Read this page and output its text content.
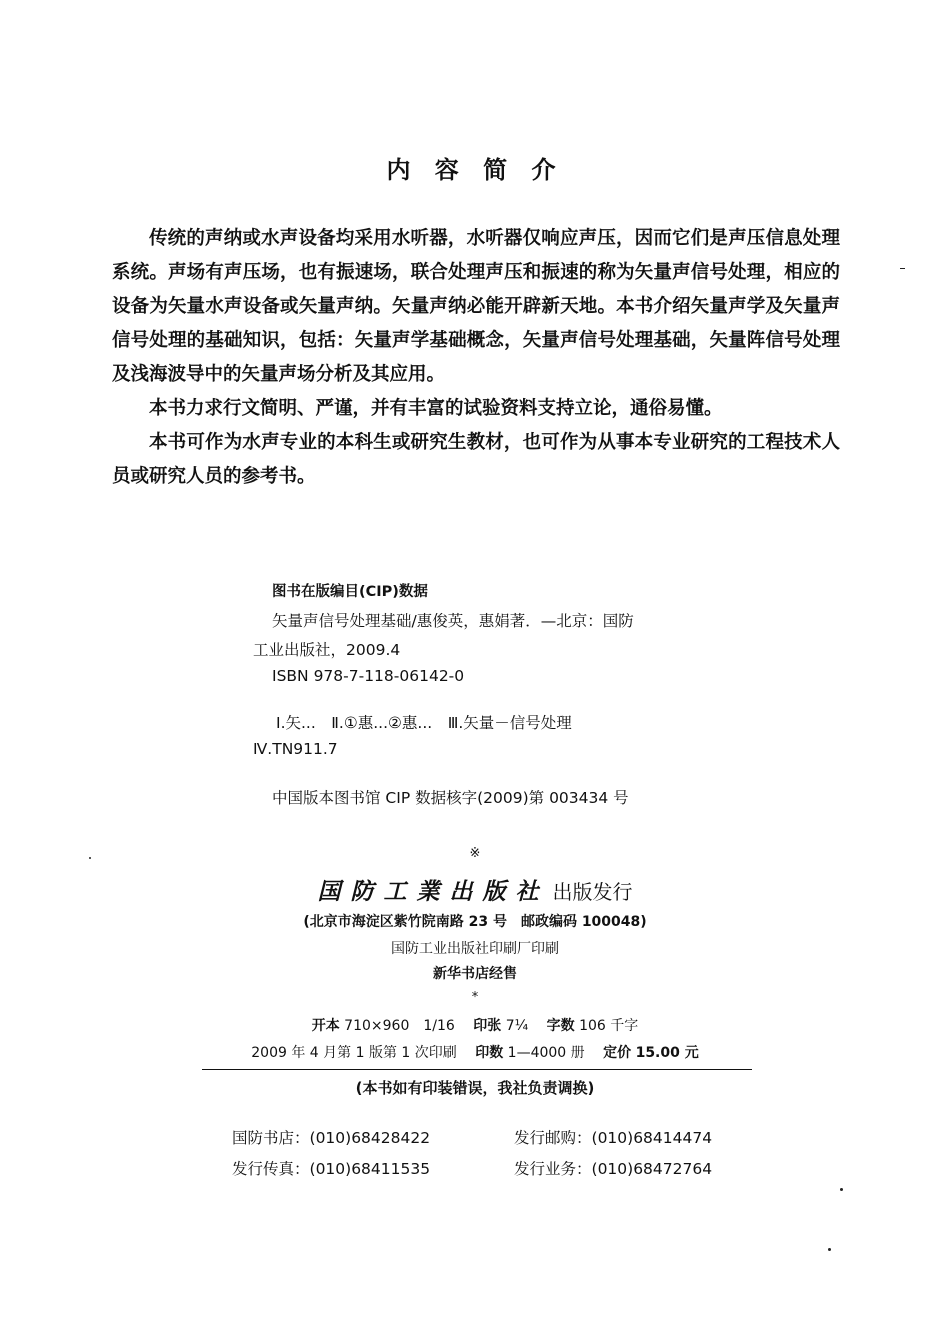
内 容 简 介

传统的声纳或水声设备均采用水听器，水听器仅响应声压，因而它们是声压信息处理系统。声场有声压场，也有振速场，联合处理声压和振速的称为矢量声信号处理，相应的设备为矢量水声设备或矢量声纳。矢量声纳必能开辟新天地。本书介绍矢量声学及矢量声信号处理的基础知识，包括：矢量声学基础概念，矢量声信号处理基础，矢量阵信号处理及浅海波导中的矢量声场分析及其应用。

本书力求行文简明、严谨，并有丰富的试验资料支持立论，通俗易懂。

本书可作为水声专业的本科生或研究生教材，也可作为从事本专业研究的工程技术人员或研究人员的参考书。

图书在版编目(CIP)数据
矢量声信号处理基础/惠俊英，惠娟著．—北京：国防
工业出版社，2009.4
ISBN 978-7-118-06142-0
Ⅰ.矢...　Ⅱ.①惠...②惠...　Ⅲ.矢量－信号处理
Ⅳ.TN911.7
中国版本图书馆 CIP 数据核字(2009)第 003434 号
※
国防工業出版社 出版发行
(北京市海淀区紫竹院南路 23 号　邮政编码 100048)
国防工业出版社印刷厂印刷
新华书店经售
*
开本 710×960　1/16　 印张 7¼　 字数 106 千字
2009 年 4 月第 1 版第 1 次印刷　 印数 1—4000 册　 定价 15.00 元
(本书如有印装错误，我社负责调换)
国防书店：(010)68428422	发行邮购：(010)68414474
发行传真：(010)68411535	发行业务：(010)68472764
